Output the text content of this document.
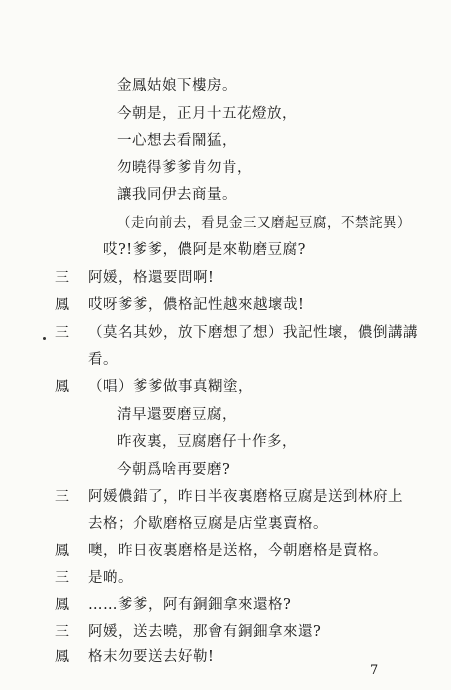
金鳳姑娘下樓房。
今朝是，正月十五花燈放，
一心想去看鬧猛，
勿曉得爹爹肯勿肯，
讓我同伊去商量。
（走向前去，看見金三又磨起豆腐，不禁詫異）
哎?!爹爹，儂阿是來勒磨豆腐?
三 阿媛，格還要問啊!
鳳 哎呀爹爹，儂格記性越來越壞哉!
三 （莫名其妙，放下磨想了想）我記性壞，儂倒講講
看。
鳳 （唱）爹爹做事真糊塗，
清早還要磨豆腐，
昨夜裏，豆腐磨仔十作多，
今朝爲啥再要磨?
三 阿媛儂錯了，昨日半夜裏磨格豆腐是送到林府上
去格；介歇磨格豆腐是店堂裏賣格。
鳳 噢，昨日夜裏磨格是送格，今朝磨格是賣格。
三 是啲。
鳳 ……爹爹，阿有銅鈿拿來還格?
三 阿媛，送去曉，那會有銅鈿拿來還?
鳳 格末勿要送去好勒!
7
